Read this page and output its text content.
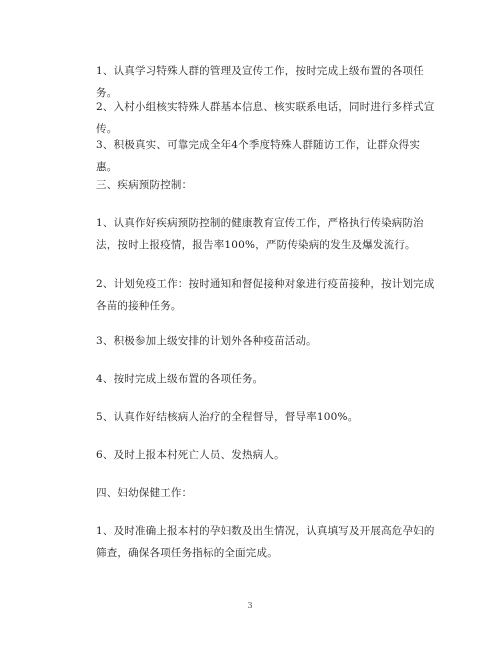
1、认真学习特殊人群的管理及宣传工作，按时完成上级布置的各项任务。

2、入村小组核实特殊人群基本信息、核实联系电话，同时进行多样式宣传。

3、积极真实、可靠完成全年4个季度特殊人群随访工作，让群众得实惠。

三、疾病预防控制：

1、认真作好疾病预防控制的健康教育宣传工作，严格执行传染病防治法，按时上报疫情，报告率100%，严防传染病的发生及爆发流行。

2、计划免疫工作：按时通知和督促接种对象进行疫苗接种，按计划完成各苗的接种任务。

3、积极参加上级安排的计划外各种疫苗活动。

4、按时完成上级布置的各项任务。

5、认真作好结核病人治疗的全程督导，督导率100%。

6、及时上报本村死亡人员、发热病人。

四、妇幼保健工作：

1、及时准确上报本村的孕妇数及出生情况，认真填写及开展高危孕妇的筛查，确保各项任务指标的全面完成。

3
